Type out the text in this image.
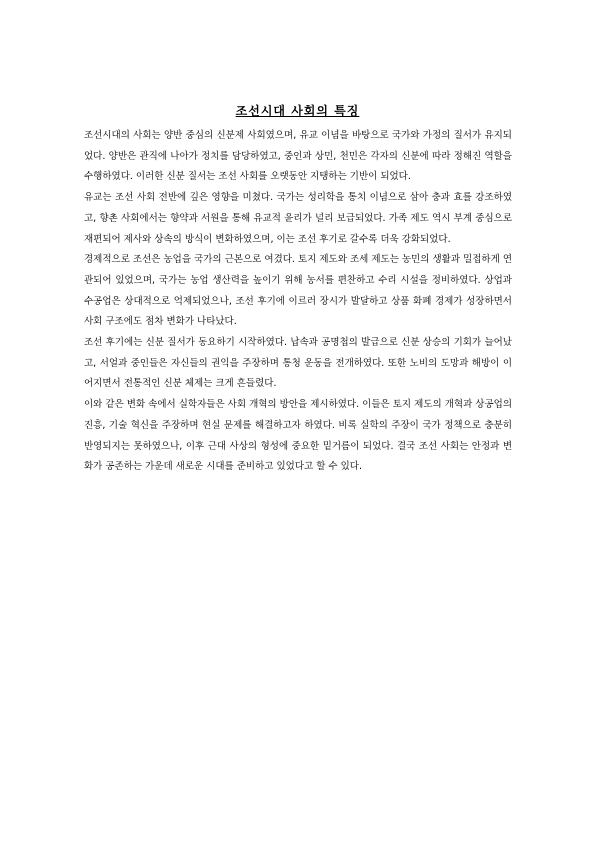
조선시대 사회의 특징

조선시대의 사회는 양반 중심의 신분제 사회였으며, 유교 이념을 바탕으로 국가와 가정의 질서가 유지되었다. 양반은 관직에 나아가 정치를 담당하였고, 중인과 상민, 천민은 각자의 신분에 따라 정해진 역할을 수행하였다. 이러한 신분 질서는 조선 사회를 오랫동안 지탱하는 기반이 되었다.

유교는 조선 사회 전반에 깊은 영향을 미쳤다. 국가는 성리학을 통치 이념으로 삼아 충과 효를 강조하였고, 향촌 사회에서는 향약과 서원을 통해 유교적 윤리가 널리 보급되었다. 가족 제도 역시 부계 중심으로 재편되어 제사와 상속의 방식이 변화하였으며, 이는 조선 후기로 갈수록 더욱 강화되었다.

경제적으로 조선은 농업을 국가의 근본으로 여겼다. 토지 제도와 조세 제도는 농민의 생활과 밀접하게 연관되어 있었으며, 국가는 농업 생산력을 높이기 위해 농서를 편찬하고 수리 시설을 정비하였다. 상업과 수공업은 상대적으로 억제되었으나, 조선 후기에 이르러 장시가 발달하고 상품 화폐 경제가 성장하면서 사회 구조에도 점차 변화가 나타났다.

조선 후기에는 신분 질서가 동요하기 시작하였다. 납속과 공명첩의 발급으로 신분 상승의 기회가 늘어났고, 서얼과 중인들은 자신들의 권익을 주장하며 통청 운동을 전개하였다. 또한 노비의 도망과 해방이 이어지면서 전통적인 신분 체제는 크게 흔들렸다.

이와 같은 변화 속에서 실학자들은 사회 개혁의 방안을 제시하였다. 이들은 토지 제도의 개혁과 상공업의 진흥, 기술 혁신을 주장하며 현실 문제를 해결하고자 하였다. 비록 실학의 주장이 국가 정책으로 충분히 반영되지는 못하였으나, 이후 근대 사상의 형성에 중요한 밑거름이 되었다. 결국 조선 사회는 안정과 변화가 공존하는 가운데 새로운 시대를 준비하고 있었다고 할 수 있다.
